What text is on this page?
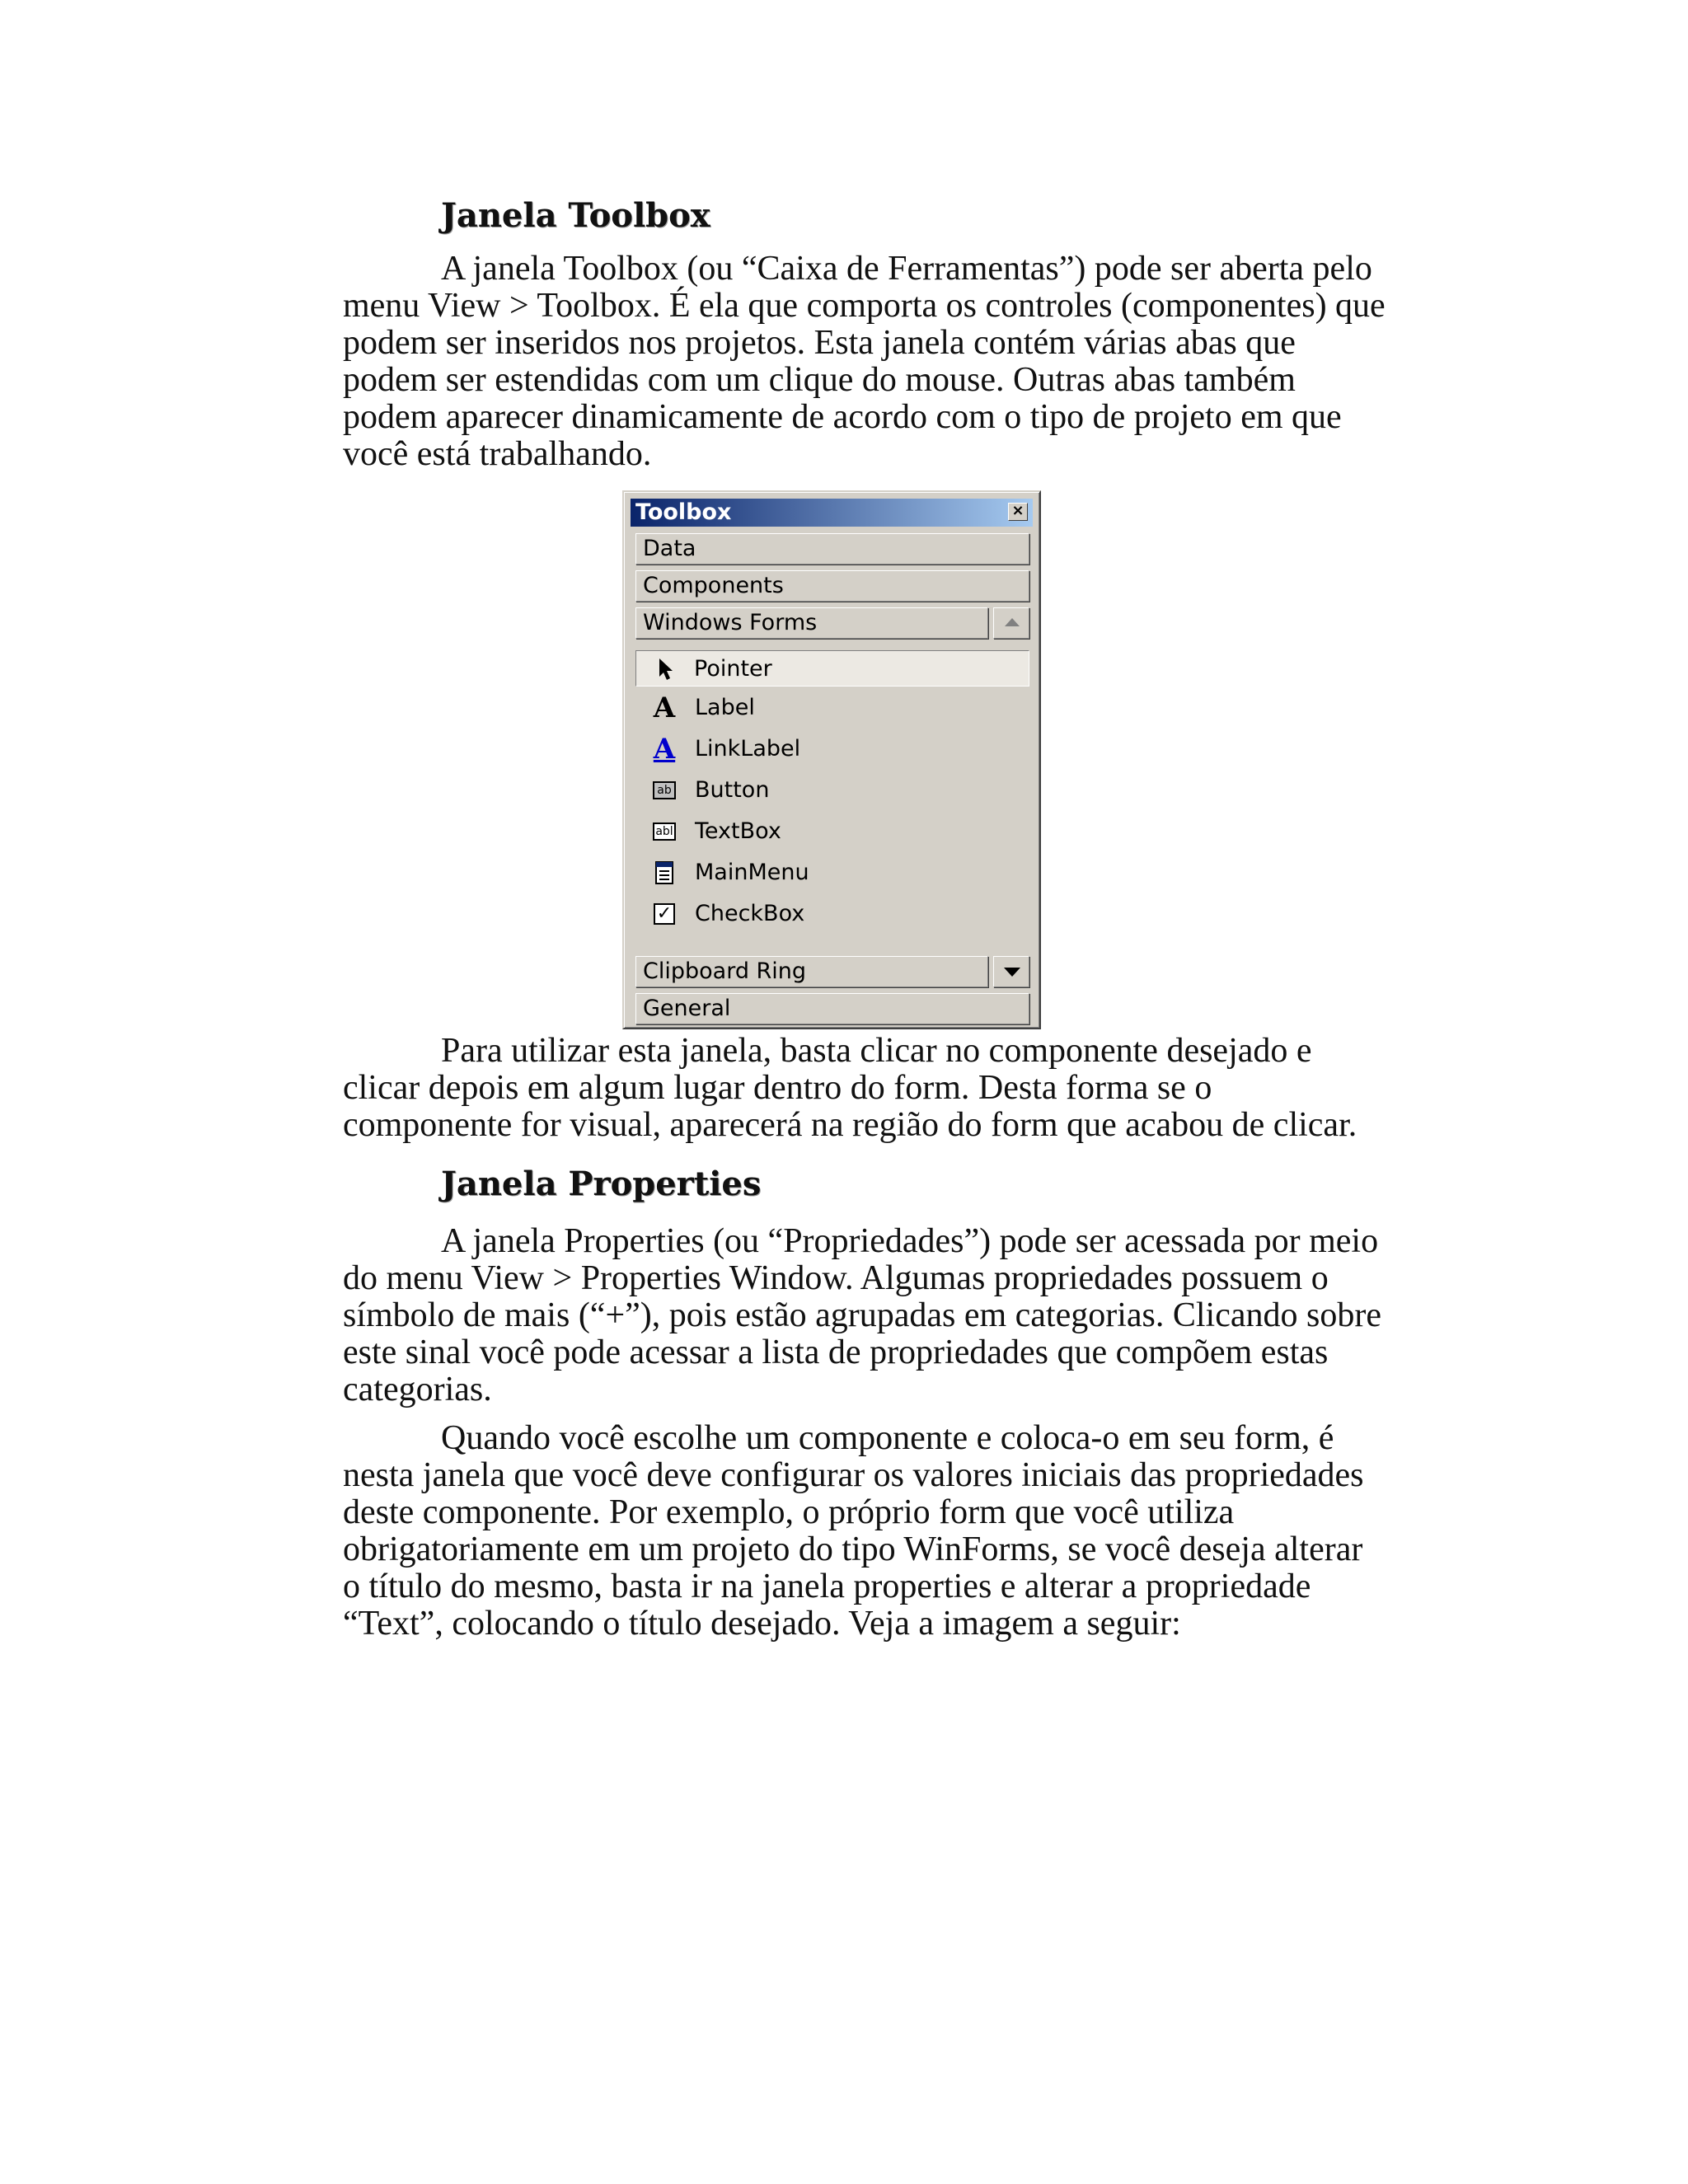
Janela Toolbox

A janela Toolbox (ou “Caixa de Ferramentas”) pode ser aberta pelo
menu View > Toolbox. É ela que comporta os controles (componentes) que
podem ser inseridos nos projetos. Esta janela contém várias abas que
podem ser estendidas com um clique do mouse. Outras abas também
podem aparecer dinamicamente de acordo com o tipo de projeto em que
você está trabalhando.

Toolbox	×
Data
Components
Windows Forms
Pointer
A Label
A LinkLabel
ab Button
abl TextBox
MainMenu
✓ CheckBox
Clipboard Ring
General

Para utilizar esta janela, basta clicar no componente desejado e
clicar depois em algum lugar dentro do form. Desta forma se o
componente for visual, aparecerá na região do form que acabou de clicar.

Janela Properties

A janela Properties (ou “Propriedades”) pode ser acessada por meio
do menu View > Properties Window. Algumas propriedades possuem o
símbolo de mais (“+”), pois estão agrupadas em categorias. Clicando sobre
este sinal você pode acessar a lista de propriedades que compõem estas
categorias.

Quando você escolhe um componente e coloca-o em seu form, é
nesta janela que você deve configurar os valores iniciais das propriedades
deste componente. Por exemplo, o próprio form que você utiliza
obrigatoriamente em um projeto do tipo WinForms, se você deseja alterar
o título do mesmo, basta ir na janela properties e alterar a propriedade
“Text”, colocando o título desejado. Veja a imagem a seguir:
